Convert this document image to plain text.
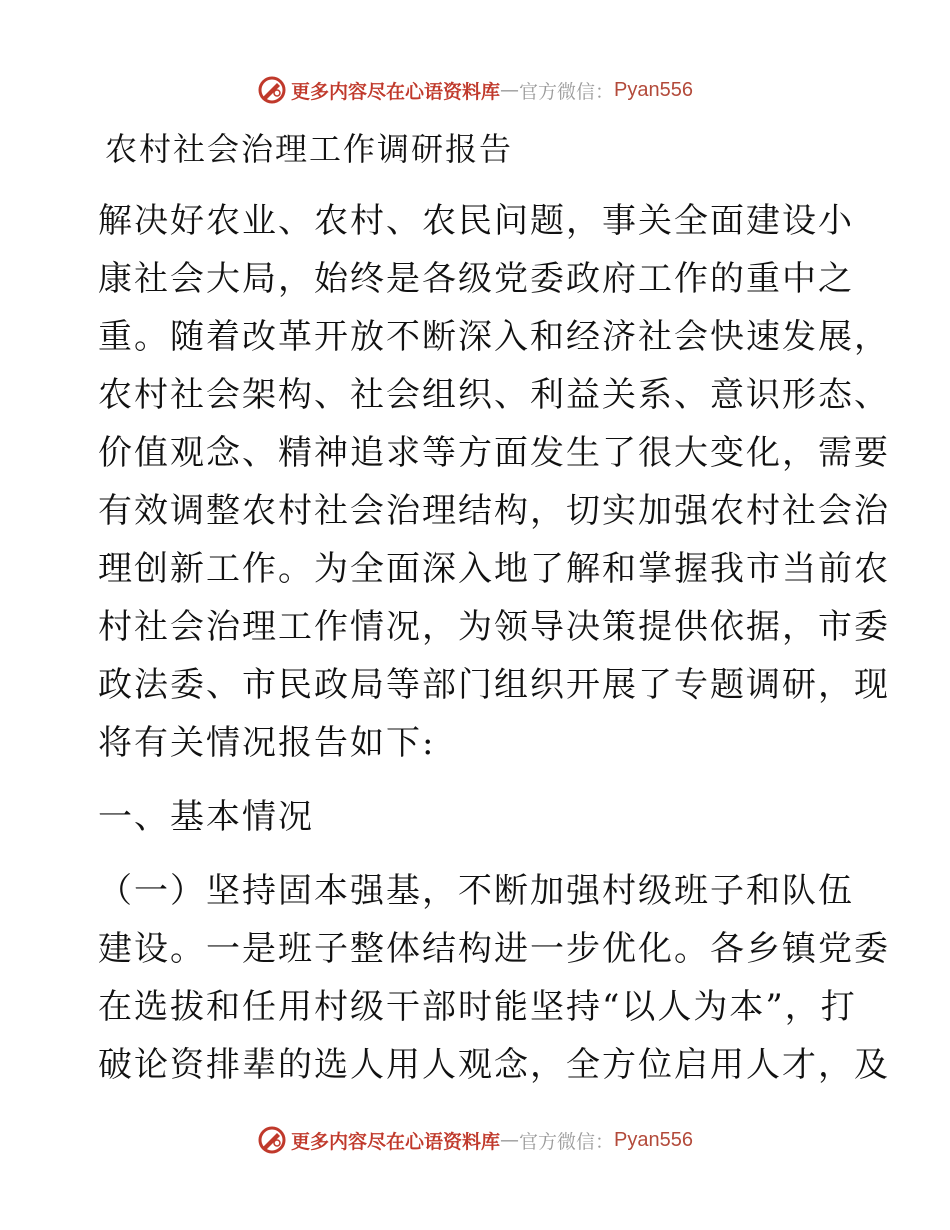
更多内容尽在心语资料库 — 官方微信： Pyan556
农村社会治理工作调研报告
解决好农业、农村、农民问题，事关全面建设小
康社会大局，始终是各级党委政府工作的重中之
重。随着改革开放不断深入和经济社会快速发展，
农村社会架构、社会组织、利益关系、意识形态、
价值观念、精神追求等方面发生了很大变化，需要
有效调整农村社会治理结构，切实加强农村社会治
理创新工作。为全面深入地了解和掌握我市当前农
村社会治理工作情况，为领导决策提供依据，市委
政法委、市民政局等部门组织开展了专题调研，现
将有关情况报告如下:
一、基本情况
（一）坚持固本强基，不断加强村级班子和队伍
建设。一是班子整体结构进一步优化。各乡镇党委
在选拔和任用村级干部时能坚持“以人为本”，打
破论资排辈的选人用人观念，全方位启用人才，及
更多内容尽在心语资料库 — 官方微信： Pyan556
